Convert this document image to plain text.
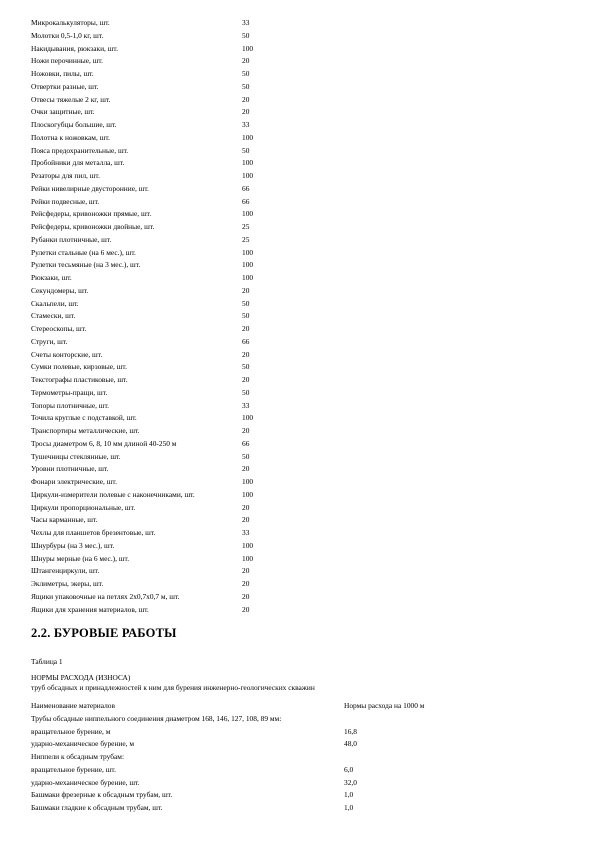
Микрокалькуляторы, шт.	33
Молотки 0,5-1,0 кг, шт.	50
Накидывания, рюкзаки, шт.	100
Ножи перочинные, шт.	20
Ножовки, пилы, шт.	50
Отвертки разные, шт.	50
Отвесы тяжелые 2 кг, шт.	20
Очки защитные, шт.	20
Плоскогубцы большие, шт.	33
Полотна к ножовкам, шт.	100
Пояса предохранительные, шт.	50
Пробойники для металла, шт.	100
Резаторы для пил, шт.	100
Рейки нивелирные двусторонние, шт.	66
Рейки подвесные, шт.	66
Рейсфедеры, кривоножки прямые, шт.	100
Рейсфедеры, кривоножки двойные, шт.	25
Рубанки плотничные, шт.	25
Рулетки стальные (на 6 мес.), шт.	100
Рулетки тесьмяные (на 3 мес.), шт.	100
Рюкзаки, шт.	100
Секундомеры, шт.	20
Скальпели, шт.	50
Стамески, шт.	50
Стереоскопы, шт.	20
Струги, шт.	66
Счеты конторские, шт.	20
Сумки полевые, кирзовые, шт.	50
Текстографы пластиковые, шт.	20
Термометры-пращи, шт.	50
Топоры плотничные, шт.	33
Точила круглые с подставкой, шт.	100
Транспортиры металлические, шт.	20
Тросы диаметром 6, 8, 10 мм длиной 40-250 м	66
Тушечницы стеклянные, шт.	50
Уровни плотничные, шт.	20
Фонари электрические, шт.	100
Циркули-измерители полевые с наконечниками, шт.	100
Циркули пропорциональные, шт.	20
Часы карманные, шт.	20
Чехлы для планшетов брезентовые, шт.	33
Шнурбуры (на 3 мес.), шт.	100
Шнуры мерные (на 6 мес.), шт.	100
Штангенциркули, шт.	20
Эклиметры, экеры, шт.	20
Ящики упаковочные на петлях 2х0,7х0,7 м, шт.	20
Ящики для хранения материалов, шт.	20
2.2. БУРОВЫЕ РАБОТЫ
Таблица 1
НОРМЫ РАСХОДА (ИЗНОСА)
труб обсадных и принадлежностей к ним для бурения инженерно-геологических скважин
Наименование материалов	Нормы расхода на 1000 м
Трубы обсадные ниппельного соединения диаметром 168, 146, 127, 108, 89 мм:
вращательное бурение, м	16,8
ударно-механическое бурение, м	48,0
Ниппели к обсадным трубам:
вращательное бурение, шт.	6,0
ударно-механическое бурение, шт.	32,0
Башмаки фрезерные к обсадным трубам, шт.	1,0
Башмаки гладкие к обсадным трубам, шт.	1,0
